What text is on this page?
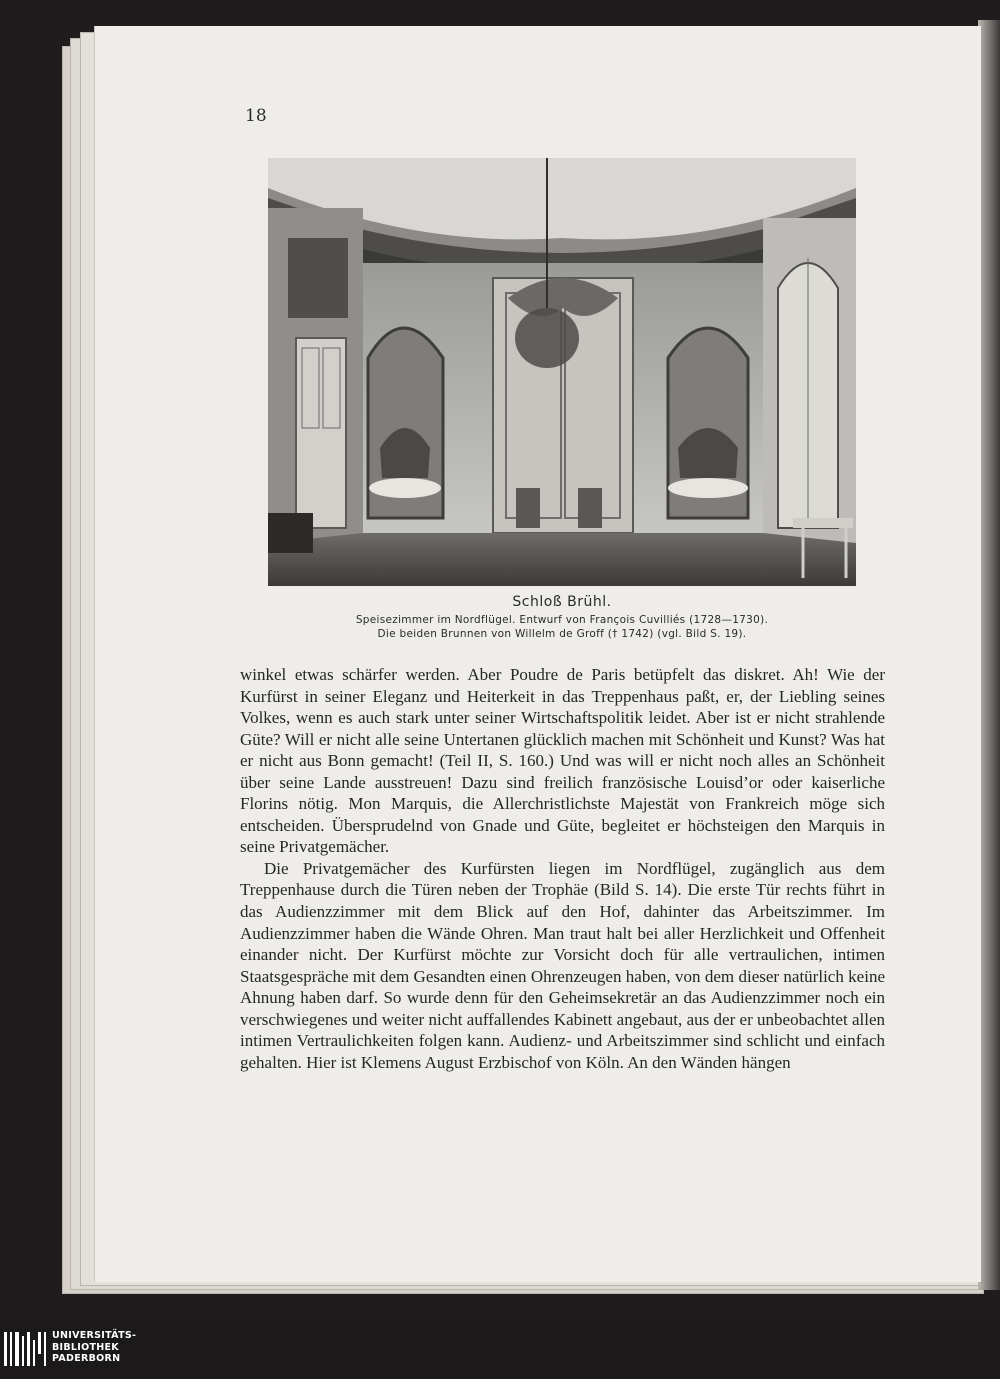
18
Schloß Brühl.
Speisezimmer im Nordflügel. Entwurf von François Cuvilliés (1728—1730).
Die beiden Brunnen von Willelm de Groff († 1742) (vgl. Bild S. 19).

winkel etwas schärfer werden. Aber Poudre de Paris betüpfelt das diskret. Ah! Wie der Kurfürst in seiner Eleganz und Heiterkeit in das Treppenhaus paßt, er, der Liebling seines Volkes, wenn es auch stark unter seiner Wirtschaftspolitik leidet. Aber ist er nicht strahlende Güte? Will er nicht alle seine Untertanen glücklich machen mit Schönheit und Kunst? Was hat er nicht aus Bonn gemacht! (Teil II, S. 160.) Und was will er nicht noch alles an Schönheit über seine Lande ausstreuen! Dazu sind freilich französische Louisd’or oder kaiserliche Florins nötig. Mon Marquis, die Allerchristlichste Majestät von Frankreich möge sich entscheiden. Übersprudelnd von Gnade und Güte, begleitet er höchsteigen den Marquis in seine Privatgemächer.

Die Privatgemächer des Kurfürsten liegen im Nordflügel, zugänglich aus dem Treppenhause durch die Türen neben der Trophäe (Bild S. 14). Die erste Tür rechts führt in das Audienzzimmer mit dem Blick auf den Hof, dahinter das Arbeitszimmer. Im Audienzzimmer haben die Wände Ohren. Man traut halt bei aller Herzlichkeit und Offenheit einander nicht. Der Kurfürst möchte zur Vorsicht doch für alle vertraulichen, intimen Staatsgespräche mit dem Gesandten einen Ohrenzeugen haben, von dem dieser natürlich keine Ahnung haben darf. So wurde denn für den Geheimsekretär an das Audienzzimmer noch ein verschwiegenes und weiter nicht auffallendes Kabinett angebaut, aus der er unbeobachtet allen intimen Vertraulichkeiten folgen kann. Audienz- und Arbeitszimmer sind schlicht und einfach gehalten. Hier ist Klemens August Erzbischof von Köln. An den Wänden hängen

UNIVERSITÄTS-
BIBLIOTHEK
PADERBORN
